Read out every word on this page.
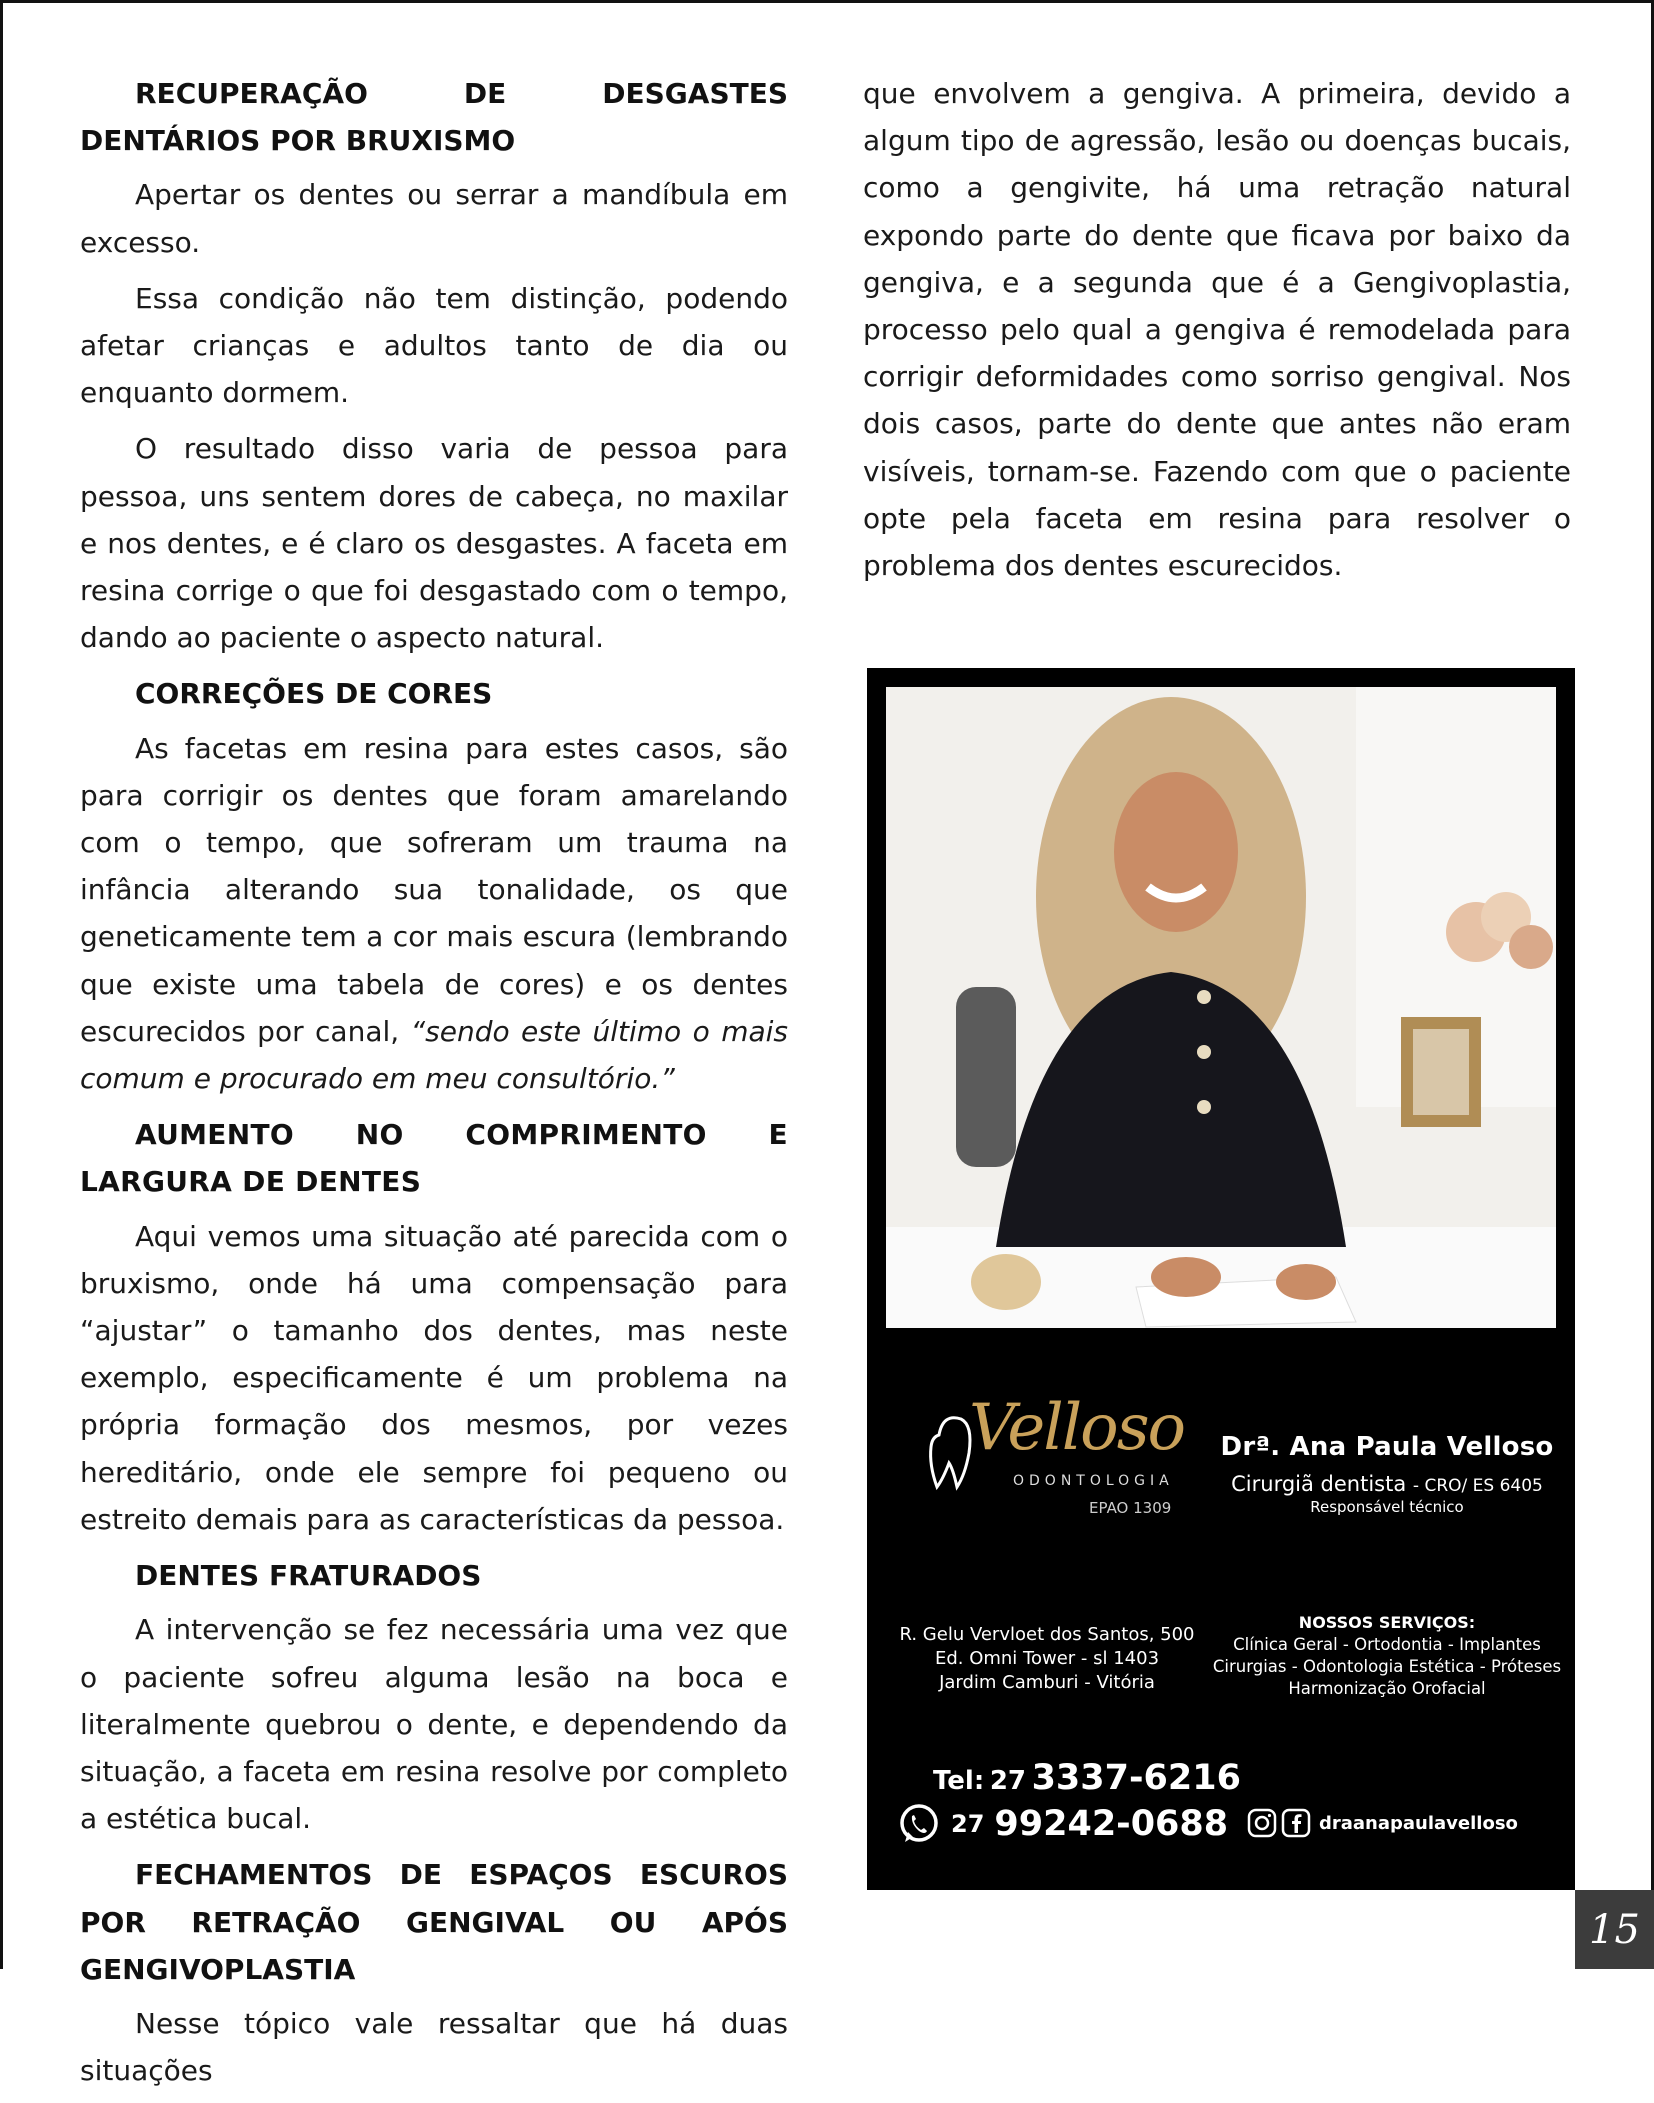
RECUPERAÇÃO DE DESGASTES DENTÁRIOS POR BRUXISMO

Apertar os dentes ou serrar a mandíbula em excesso.

Essa condição não tem distinção, podendo afetar crianças e adultos tanto de dia ou enquanto dormem.

O resultado disso varia de pessoa para pessoa, uns sentem dores de cabeça, no maxilar e nos dentes, e é claro os desgastes. A faceta em resina corrige o que foi desgastado com o tempo, dando ao paciente o aspecto natural.

CORREÇÕES DE CORES

As facetas em resina para estes casos, são para corrigir os dentes que foram amarelando com o tempo, que sofreram um trauma na infância alterando sua tonalidade, os que geneticamente tem a cor mais escura (lembrando que existe uma tabela de cores) e os dentes escurecidos por canal, “sendo este último o mais comum e procurado em meu consultório.”

AUMENTO NO COMPRIMENTO E LARGURA DE DENTES

Aqui vemos uma situação até parecida com o bruxismo, onde há uma compensação para “ajustar” o tamanho dos dentes, mas neste exemplo, especificamente é um problema na própria formação dos mesmos, por vezes hereditário, onde ele sempre foi pequeno ou estreito demais para as características da pessoa.

DENTES FRATURADOS

A intervenção se fez necessária uma vez que o paciente sofreu alguma lesão na boca e literalmente quebrou o dente, e dependendo da situação, a faceta em resina resolve por completo a estética bucal.

FECHAMENTOS DE ESPAÇOS ESCUROS POR RETRAÇÃO GENGIVAL OU APÓS GENGIVOPLASTIA

Nesse tópico vale ressaltar que há duas situações

que envolvem a gengiva. A primeira, devido a algum tipo de agressão, lesão ou doenças bucais, como a gengivite, há uma retração natural expondo parte do dente que ficava por baixo da gengiva, e a segunda que é a Gengivoplastia, processo pelo qual a gengiva é remodelada para corrigir deformidades como sorriso gengival. Nos dois casos, parte do dente que antes não eram visíveis, tornam-se. Fazendo com que o paciente opte pela faceta em resina para resolver o problema dos dentes escurecidos.

Velloso
ODONTOLOGIA
EPAO 1309
Drª. Ana Paula Velloso
Cirurgiã dentista - CRO/ ES 6405
Responsável técnico
R. Gelu Vervloet dos Santos, 500
Ed. Omni Tower - sl 1403
Jardim Camburi - Vitória
NOSSOS SERVIÇOS:
Clínica Geral - Ortodontia - Implantes
Cirurgias - Odontologia Estética - Próteses
Harmonização Orofacial
Tel: 27 3337-6216
27 99242-0688	draanapaulavelloso
15
